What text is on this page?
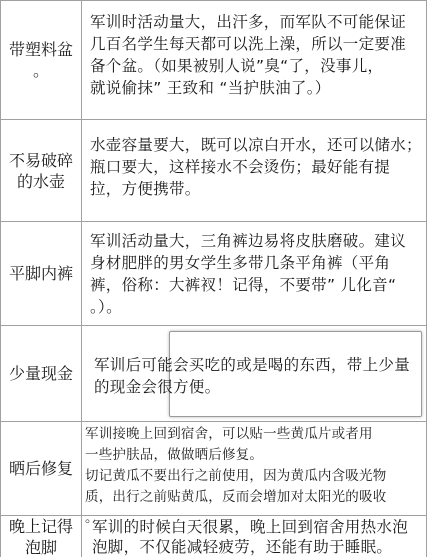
带塑料盆
。
军训时活动量大，出汗多，而军队不可能保证
几百名学生每天都可以洗上澡，所以一定要准
备个盆。（如果被别人说”臭“了，没事儿，
就说偷抹” 王致和 “当护肤油了。）
不易破碎
的水壶
水壶容量要大，既可以凉白开水，还可以储水；
瓶口要大，这样接水不会烫伤；最好能有提
拉，方便携带。
平脚内裤
军训活动量大，三角裤边易将皮肤磨破。建议
身材肥胖的男女学生多带几条平角裤（平角
裤，俗称：大裤衩！记得，不要带” 儿化音“
。）。
少量现金 军训后可能会买吃的或是喝的东西，带上少量
的现金会很方便。
晒后修复
军训接晚上回到宿舍，可以贴一些黄瓜片或者用
一些护肤品，做做晒后修复。
切记黄瓜不要出行之前使用，因为黄瓜内含吸光物
质，出行之前贴黄瓜，反而会增加对太阳光的吸收
。
晚上记得
泡脚
军训的时候白天很累，晚上回到宿舍用热水泡
泡脚，不仅能减轻疲劳，还能有助于睡眠。
